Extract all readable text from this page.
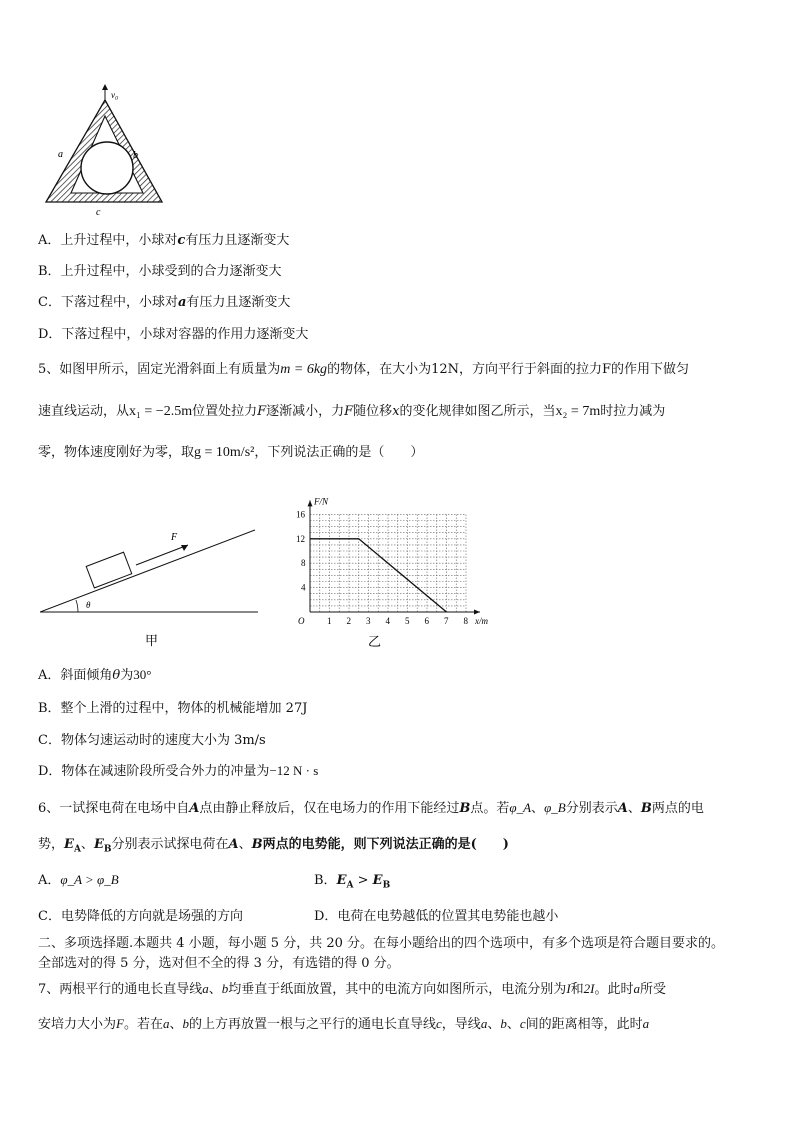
v₀
a	b
c
A．上升过程中，小球对c有压力且逐渐变大
B．上升过程中，小球受到的合力逐渐变大
C．下落过程中，小球对a有压力且逐渐变大
D．下落过程中，小球对容器的作用力逐渐变大
5、如图甲所示，固定光滑斜面上有质量为m = 6kg的物体，在大小为12N，方向平行于斜面的拉力F的作用下做匀
速直线运动，从x₁ = −2.5m位置处拉力F逐渐减小，力F随位移x的变化规律如图乙所示，当x₂ = 7m时拉力减为
零，物体速度刚好为零，取g = 10m/s²，下列说法正确的是（　　）
F
θ
甲
F/N
x/m
O	1 2 3 4 5 6 7 8
4
8
12
16
乙
A．斜面倾角θ为30°
B．整个上滑的过程中，物体的机械能增加 27J
C．物体匀速运动时的速度大小为 3m/s
D．物体在减速阶段所受合外力的冲量为−12 N · s
6、一试探电荷在电场中自A点由静止释放后，仅在电场力的作用下能经过B点。若φ_A、φ_B分别表示A、B两点的电
势，$E_A$、$E_B$分别表示试探电荷在A、B两点的电势能，则下列说法正确的是(　　)
A．φ_A > φ_B	B．$E_A > E_B$
C．电势降低的方向就是场强的方向	D．电荷在电势越低的位置其电势能也越小
二、多项选择题.本题共 4 小题，每小题 5 分，共 20 分。在每小题给出的四个选项中，有多个选项是符合题目要求的。
全部选对的得 5 分，选对但不全的得 3 分，有选错的得 0 分。
7、两根平行的通电长直导线a、b均垂直于纸面放置，其中的电流方向如图所示，电流分别为I和2I。此时a所受
安培力大小为F。若在a、b的上方再放置一根与之平行的通电长直导线c，导线a、b、c间的距离相等，此时a
